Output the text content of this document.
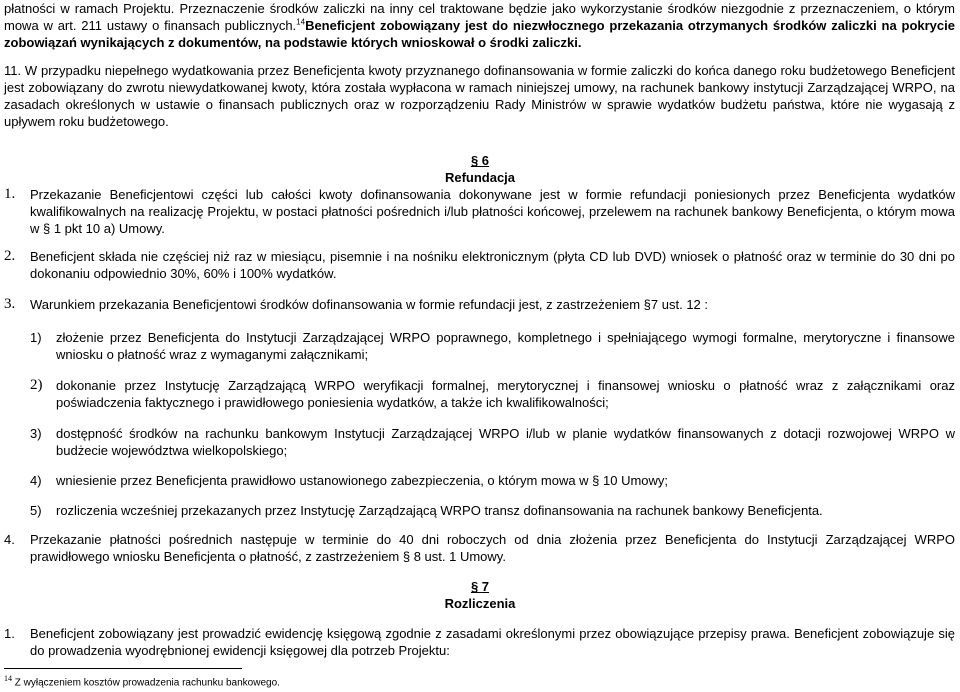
płatności w ramach Projektu. Przeznaczenie środków zaliczki na inny cel traktowane będzie jako wykorzystanie środków niezgodnie z przeznaczeniem, o którym mowa w art. 211 ustawy o finansach publicznych.$^{14}$Beneficjent zobowiązany jest do niezwłocznego przekazania otrzymanych środków zaliczki na pokrycie zobowiązań wynikających z dokumentów, na podstawie których wnioskował o środki zaliczki.
11. W przypadku niepełnego wydatkowania przez Beneficjenta kwoty przyznanego dofinansowania w formie zaliczki do końca danego roku budżetowego Beneficjent jest zobowiązany do zwrotu niewydatkowanej kwoty, która została wypłacona w ramach niniejszej umowy, na rachunek bankowy instytucji Zarządzającej WRPO, na zasadach określonych w ustawie o finansach publicznych oraz w rozporządzeniu Rady Ministrów w sprawie wydatków budżetu państwa, które nie wygasają z upływem roku budżetowego.
§ 6
Refundacja
1. Przekazanie Beneficjentowi części lub całości kwoty dofinansowania dokonywane jest w formie refundacji poniesionych przez Beneficjenta wydatków kwalifikowalnych na realizację Projektu, w postaci płatności pośrednich i/lub płatności końcowej, przelewem na rachunek bankowy Beneficjenta, o którym mowa w § 1 pkt 10 a) Umowy.
2. Beneficjent składa nie częściej niż raz w miesiącu, pisemnie i na nośniku elektronicznym (płyta CD lub DVD) wniosek o płatność oraz w terminie do 30 dni po dokonaniu odpowiednio 30%, 60% i 100% wydatków.
3. Warunkiem przekazania Beneficjentowi środków dofinansowania w formie refundacji jest, z zastrzeżeniem §7 ust. 12 :
1) złożenie przez Beneficjenta do Instytucji Zarządzającej WRPO poprawnego, kompletnego i spełniającego wymogi formalne, merytoryczne i finansowe wniosku o płatność wraz z wymaganymi załącznikami;
2) dokonanie przez Instytucję Zarządzającą WRPO weryfikacji formalnej, merytorycznej i finansowej wniosku o płatność wraz z załącznikami oraz poświadczenia faktycznego i prawidłowego poniesienia wydatków, a także ich kwalifikowalności;
3) dostępność środków na rachunku bankowym Instytucji Zarządzającej WRPO i/lub w planie wydatków finansowanych z dotacji rozwojowej WRPO w budżecie województwa wielkopolskiego;
4) wniesienie przez Beneficjenta prawidłowo ustanowionego zabezpieczenia, o którym mowa w § 10 Umowy;
5) rozliczenia wcześniej przekazanych przez Instytucję Zarządzającą WRPO transz dofinansowania na rachunek bankowy Beneficjenta.
4. Przekazanie płatności pośrednich następuje w terminie do 40 dni roboczych od dnia złożenia przez Beneficjenta do Instytucji Zarządzającej WRPO prawidłowego wniosku Beneficjenta o płatność, z zastrzeżeniem § 8 ust. 1 Umowy.
§ 7
Rozliczenia
1. Beneficjent zobowiązany jest prowadzić ewidencję księgową zgodnie z zasadami określonymi przez obowiązujące przepisy prawa. Beneficjent zobowiązuje się do prowadzenia wyodrębnionej ewidencji księgowej dla potrzeb Projektu:
$^{14}$ Z wyłączeniem kosztów prowadzenia rachunku bankowego.
